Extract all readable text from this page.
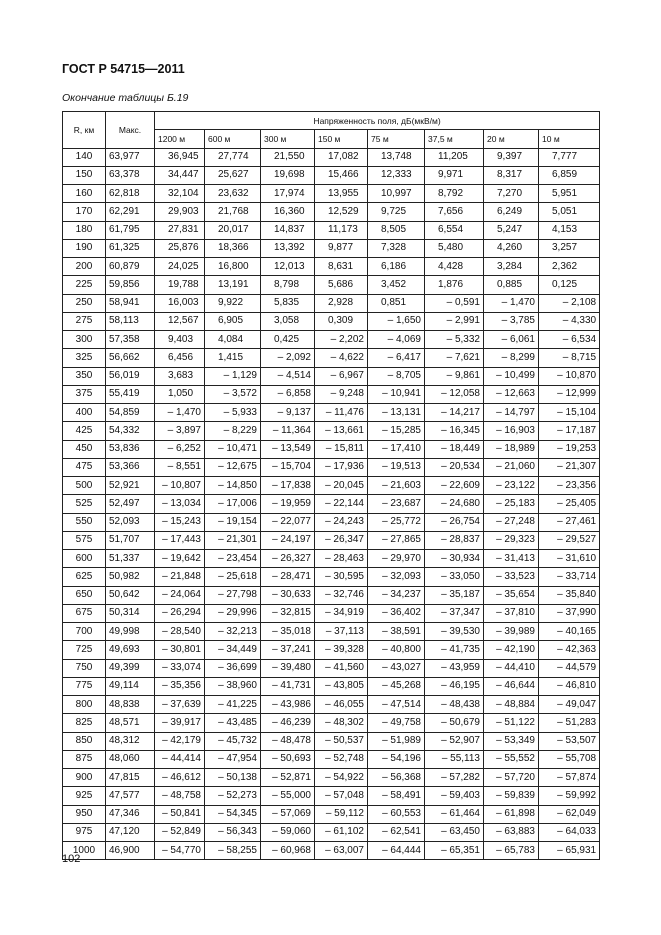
ГОСТ Р 54715—2011
Окончание таблицы Б.19
R, км	Макс.	Напряженность поля, дБ(мкВ/м)							
		1200 м	600 м	300 м	150 м	75 м	37,5 м	20 м	10 м
140	63,977	36,945	27,774	21,550	17,082	13,748	11,205	9,397	7,777
150	63,378	34,447	25,627	19,698	15,466	12,333	9,971	8,317	6,859
160	62,818	32,104	23,632	17,974	13,955	10,997	8,792	7,270	5,951
170	62,291	29,903	21,768	16,360	12,529	9,725	7,656	6,249	5,051
180	61,795	27,831	20,017	14,837	11,173	8,505	6,554	5,247	4,153
190	61,325	25,876	18,366	13,392	9,877	7,328	5,480	4,260	3,257
200	60,879	24,025	16,800	12,013	8,631	6,186	4,428	3,284	2,362
225	59,856	19,788	13,191	8,798	5,686	3,452	1,876	0,885	0,125
250	58,941	16,003	9,922	5,835	2,928	0,851	– 0,591	– 1,470	– 2,108
275	58,113	12,567	6,905	3,058	0,309	– 1,650	– 2,991	– 3,785	– 4,330
300	57,358	9,403	4,084	0,425	– 2,202	– 4,069	– 5,332	– 6,061	– 6,534
325	56,662	6,456	1,415	– 2,092	– 4,622	– 6,417	– 7,621	– 8,299	– 8,715
350	56,019	3,683	– 1,129	– 4,514	– 6,967	– 8,705	– 9,861	– 10,499	– 10,870
375	55,419	1,050	– 3,572	– 6,858	– 9,248	– 10,941	– 12,058	– 12,663	– 12,999
400	54,859	– 1,470	– 5,933	– 9,137	– 11,476	– 13,131	– 14,217	– 14,797	– 15,104
425	54,332	– 3,897	– 8,229	– 11,364	– 13,661	– 15,285	– 16,345	– 16,903	– 17,187
450	53,836	– 6,252	– 10,471	– 13,549	– 15,811	– 17,410	– 18,449	– 18,989	– 19,253
475	53,366	– 8,551	– 12,675	– 15,704	– 17,936	– 19,513	– 20,534	– 21,060	– 21,307
500	52,921	– 10,807	– 14,850	– 17,838	– 20,045	– 21,603	– 22,609	– 23,122	– 23,356
525	52,497	– 13,034	– 17,006	– 19,959	– 22,144	– 23,687	– 24,680	– 25,183	– 25,405
550	52,093	– 15,243	– 19,154	– 22,077	– 24,243	– 25,772	– 26,754	– 27,248	– 27,461
575	51,707	– 17,443	– 21,301	– 24,197	– 26,347	– 27,865	– 28,837	– 29,323	– 29,527
600	51,337	– 19,642	– 23,454	– 26,327	– 28,463	– 29,970	– 30,934	– 31,413	– 31,610
625	50,982	– 21,848	– 25,618	– 28,471	– 30,595	– 32,093	– 33,050	– 33,523	– 33,714
650	50,642	– 24,064	– 27,798	– 30,633	– 32,746	– 34,237	– 35,187	– 35,654	– 35,840
675	50,314	– 26,294	– 29,996	– 32,815	– 34,919	– 36,402	– 37,347	– 37,810	– 37,990
700	49,998	– 28,540	– 32,213	– 35,018	– 37,113	– 38,591	– 39,530	– 39,989	– 40,165
725	49,693	– 30,801	– 34,449	– 37,241	– 39,328	– 40,800	– 41,735	– 42,190	– 42,363
750	49,399	– 33,074	– 36,699	– 39,480	– 41,560	– 43,027	– 43,959	– 44,410	– 44,579
775	49,114	– 35,356	– 38,960	– 41,731	– 43,805	– 45,268	– 46,195	– 46,644	– 46,810
800	48,838	– 37,639	– 41,225	– 43,986	– 46,055	– 47,514	– 48,438	– 48,884	– 49,047
825	48,571	– 39,917	– 43,485	– 46,239	– 48,302	– 49,758	– 50,679	– 51,122	– 51,283
850	48,312	– 42,179	– 45,732	– 48,478	– 50,537	– 51,989	– 52,907	– 53,349	– 53,507
875	48,060	– 44,414	– 47,954	– 50,693	– 52,748	– 54,196	– 55,113	– 55,552	– 55,708
900	47,815	– 46,612	– 50,138	– 52,871	– 54,922	– 56,368	– 57,282	– 57,720	– 57,874
925	47,577	– 48,758	– 52,273	– 55,000	– 57,048	– 58,491	– 59,403	– 59,839	– 59,992
950	47,346	– 50,841	– 54,345	– 57,069	– 59,112	– 60,553	– 61,464	– 61,898	– 62,049
975	47,120	– 52,849	– 56,343	– 59,060	– 61,102	– 62,541	– 63,450	– 63,883	– 64,033
1000	46,900	– 54,770	– 58,255	– 60,968	– 63,007	– 64,444	– 65,351	– 65,783	– 65,931
102
